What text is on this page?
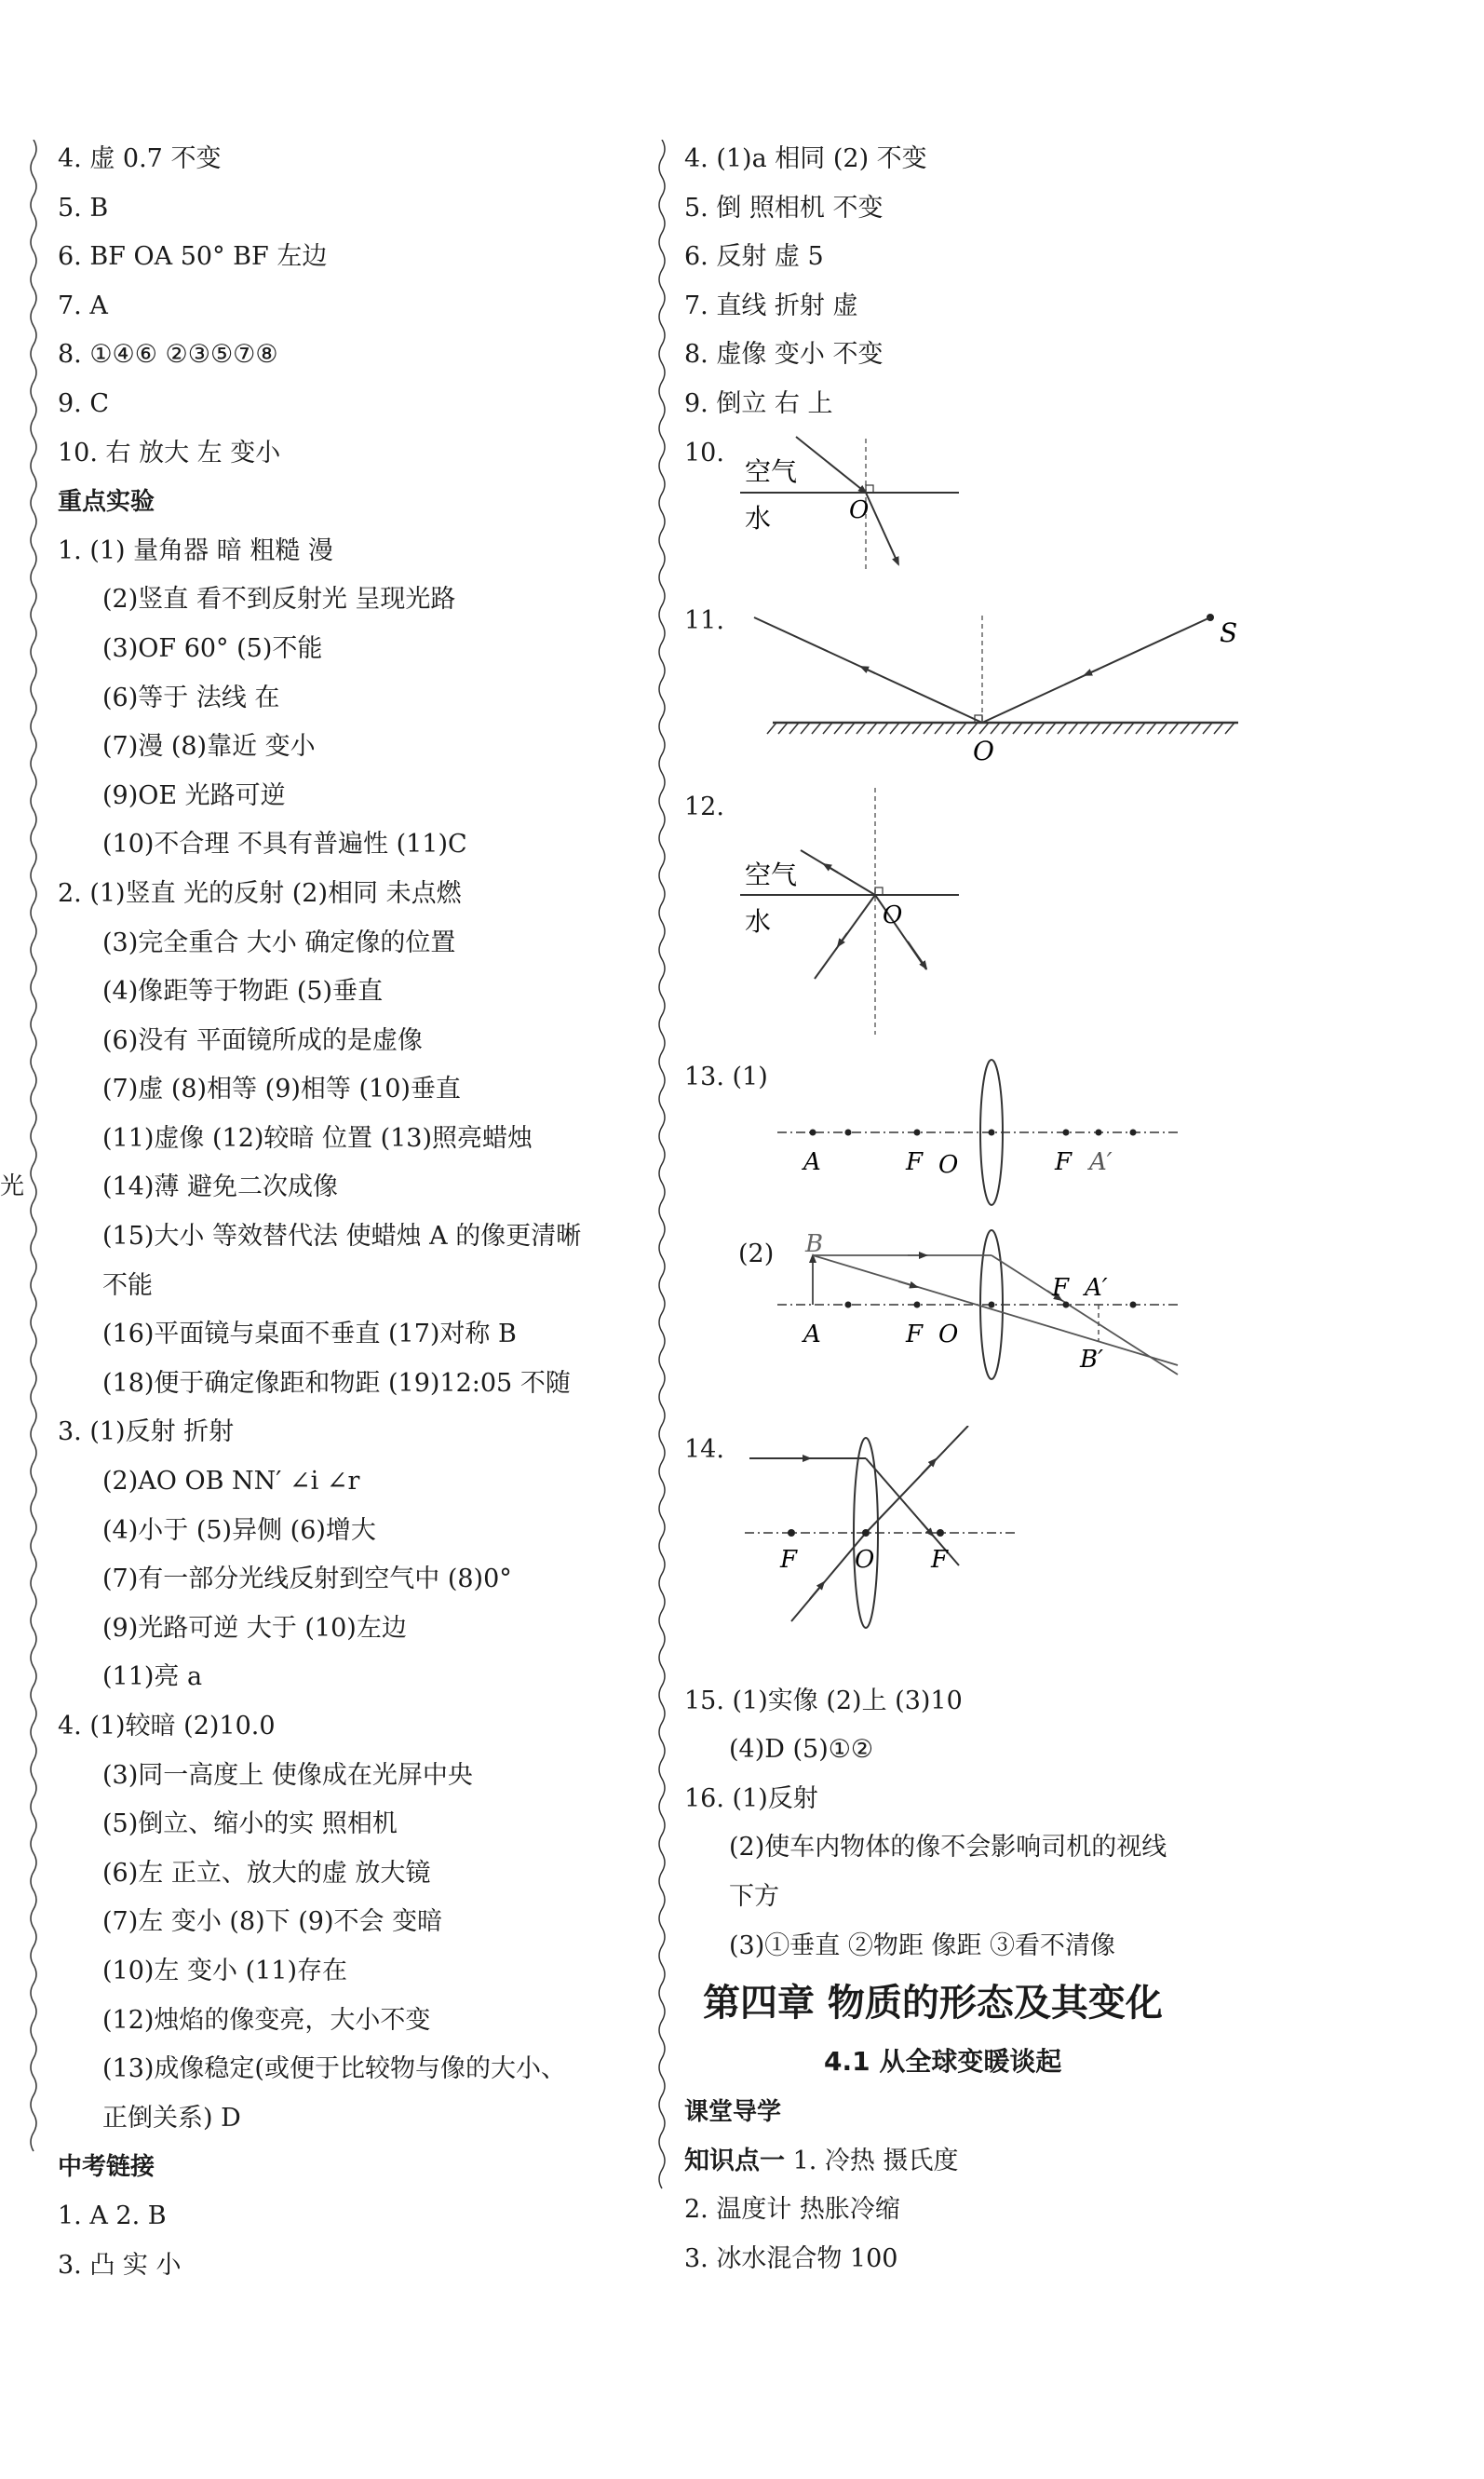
光
4. 虚 0.7 不变
5. B
6. BF OA 50° BF 左边
7. A
8. ①④⑥ ②③⑤⑦⑧
9. C
10. 右 放大 左 变小
重点实验
1. (1) 量角器 暗 粗糙 漫
(2)竖直 看不到反射光 呈现光路
(3)OF 60° (5)不能
(6)等于 法线 在
(7)漫 (8)靠近 变小
(9)OE 光路可逆
(10)不合理 不具有普遍性 (11)C
2. (1)竖直 光的反射 (2)相同 未点燃
(3)完全重合 大小 确定像的位置
(4)像距等于物距 (5)垂直
(6)没有 平面镜所成的是虚像
(7)虚 (8)相等 (9)相等 (10)垂直
(11)虚像 (12)较暗 位置 (13)照亮蜡烛
(14)薄 避免二次成像
(15)大小 等效替代法 使蜡烛 A 的像更清晰
不能
(16)平面镜与桌面不垂直 (17)对称 B
(18)便于确定像距和物距 (19)12:05 不随
3. (1)反射 折射
(2)AO OB NN′ ∠i ∠r
(4)小于 (5)异侧 (6)增大
(7)有一部分光线反射到空气中 (8)0°
(9)光路可逆 大于 (10)左边
(11)亮 a
4. (1)较暗 (2)10.0
(3)同一高度上 使像成在光屏中央
(5)倒立、缩小的实 照相机
(6)左 正立、放大的虚 放大镜
(7)左 变小 (8)下 (9)不会 变暗
(10)左 变小 (11)存在
(12)烛焰的像变亮，大小不变
(13)成像稳定(或便于比较物与像的大小、
正倒关系) D
中考链接
1. A 2. B
3. 凸 实 小
4. (1)a 相同 (2) 不变
5. 倒 照相机 不变
6. 反射 虚 5
7. 直线 折射 虚
8. 虚像 变小 不变
9. 倒立 右 上
10.
空气
水	O
11.	S
O
12.
空气
水	O
13. (1)
A	F O	F A′
(2) B
A	F O
F A′
B′
14.
F O F
15. (1)实像 (2)上 (3)10
(4)D (5)①②
16. (1)反射
(2)使车内物体的像不会影响司机的视线
下方
(3)①垂直 ②物距 像距 ③看不清像
第四章 物质的形态及其变化
4.1 从全球变暖谈起
课堂导学
知识点一 1. 冷热 摄氏度
2. 温度计 热胀冷缩
3. 冰水混合物 100
